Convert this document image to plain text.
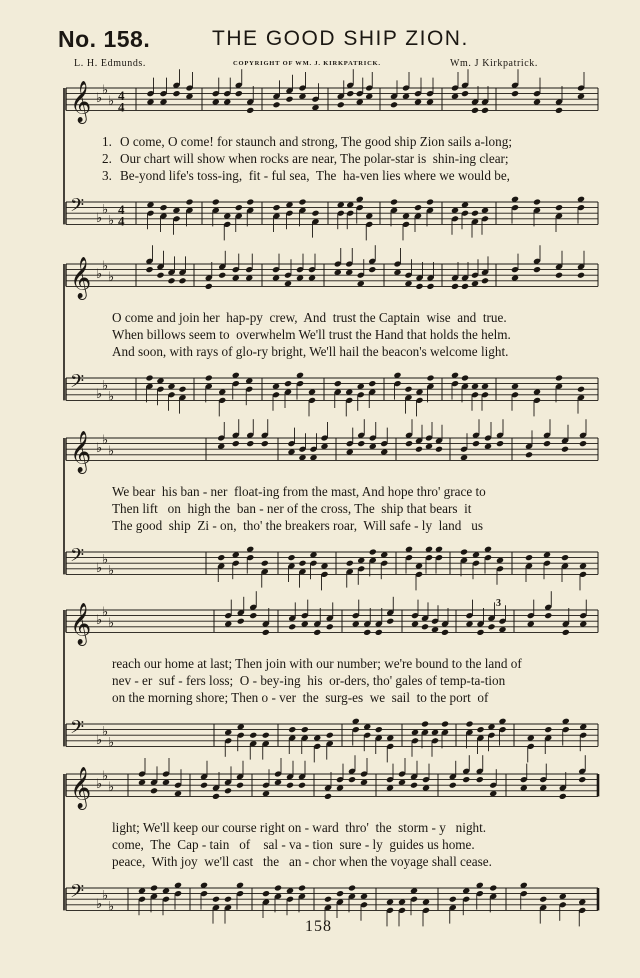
No. 158.	THE GOOD SHIP ZION.
L. H. Edmunds.	COPYRIGHT OF WM. J. KIRKPATRICK.	Wm. J Kirkpatrick.
𝄞 ♭
♭
♭ 4
4
𝄢 ♭
♭
♭
4
4
1. O come, O come! for staunch and strong, The good ship Zion sails a-long;
2. Our chart will show when rocks are near, The polar-star is  shin-ing clear;
3. Be-yond life's toss-ing,  fit - ful sea,  The  ha-ven lies where we would be,
𝄞 ♭
♭
♭
𝄢 ♭
♭
♭
O come and join her  hap-py  crew,  And  trust the Captain  wise  and  true.
When billows seem to  overwhelm We'll trust the Hand that holds the helm.
And soon, with rays of glo-ry bright, We'll hail the beacon's welcome light.
𝄞 ♭
♭
♭
𝄢 ♭
♭
♭
We bear  his ban - ner  float-ing from the mast, And hope thro' grace to
Then lift   on  high the  ban - ner of the cross, The  ship that bears  it
The good  ship  Zi - on,  tho' the breakers roar,  Will safe - ly  land   us
𝄞 ♭
♭
♭
𝄢 ♭
♭
♭
3
reach our home at last; Then join with our number; we're bound to the land of
nev - er  suf - fers loss;  O - bey-ing  his  or-ders, tho' gales of temp-ta-tion
on the morning shore; Then o - ver  the  surg-es  we  sail  to the port  of
𝄞 ♭
♭
♭
𝄢 ♭
♭
♭
light; We'll keep our course right on - ward  thro'  the  storm - y   night.
come,  The  Cap - tain   of    sal - va - tion  sure - ly  guides us home.
peace,  With joy  we'll cast   the   an - chor when the voyage shall cease.
158
